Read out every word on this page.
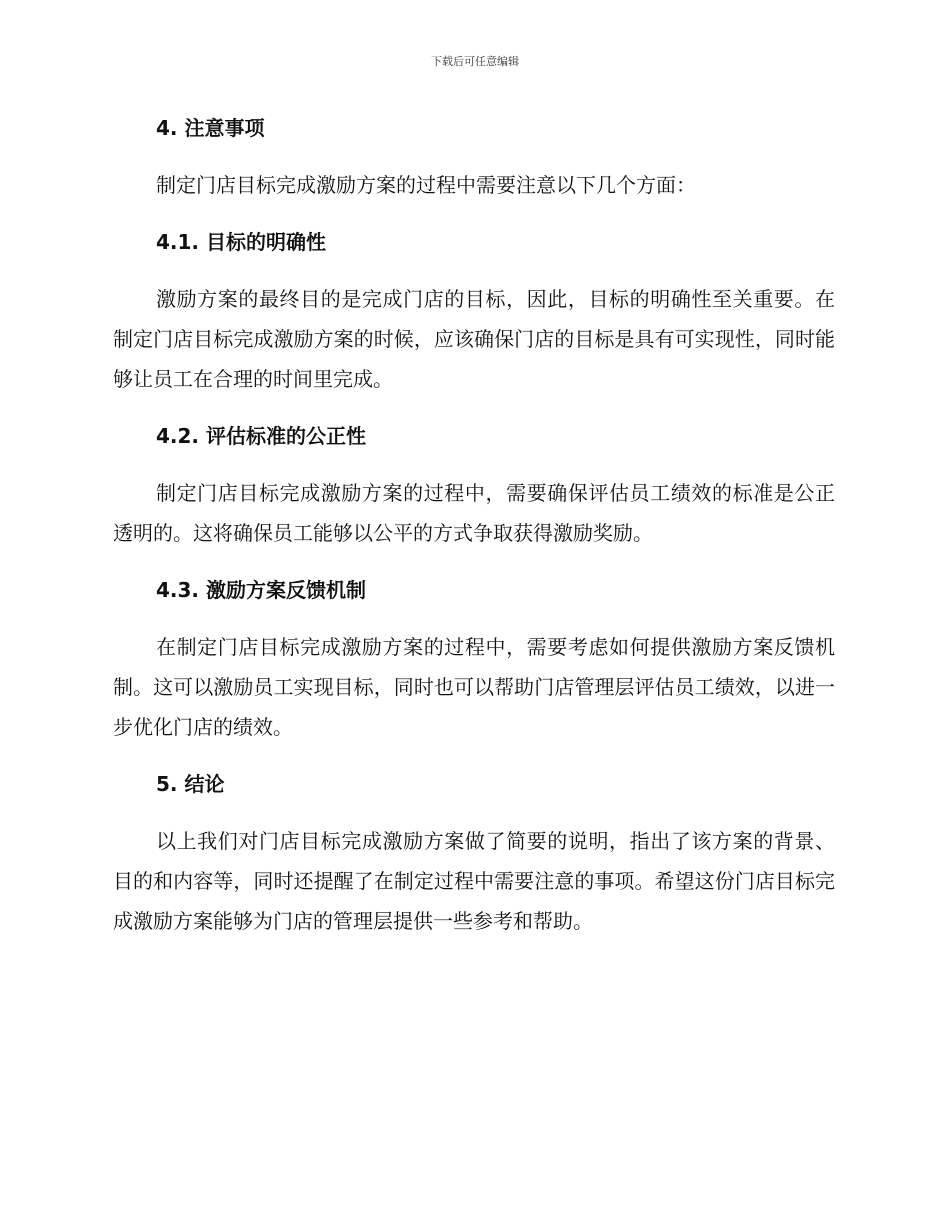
下载后可任意编辑
4. 注意事项

制定门店目标完成激励方案的过程中需要注意以下几个方面：

4.1. 目标的明确性

激励方案的最终目的是完成门店的目标，因此，目标的明确性至关重要。在制定门店目标完成激励方案的时候，应该确保门店的目标是具有可实现性，同时能够让员工在合理的时间里完成。

4.2. 评估标准的公正性

制定门店目标完成激励方案的过程中，需要确保评估员工绩效的标准是公正透明的。这将确保员工能够以公平的方式争取获得激励奖励。

4.3. 激励方案反馈机制

在制定门店目标完成激励方案的过程中，需要考虑如何提供激励方案反馈机制。这可以激励员工实现目标，同时也可以帮助门店管理层评估员工绩效，以进一步优化门店的绩效。

5. 结论

以上我们对门店目标完成激励方案做了简要的说明，指出了该方案的背景、目的和内容等，同时还提醒了在制定过程中需要注意的事项。希望这份门店目标完成激励方案能够为门店的管理层提供一些参考和帮助。
